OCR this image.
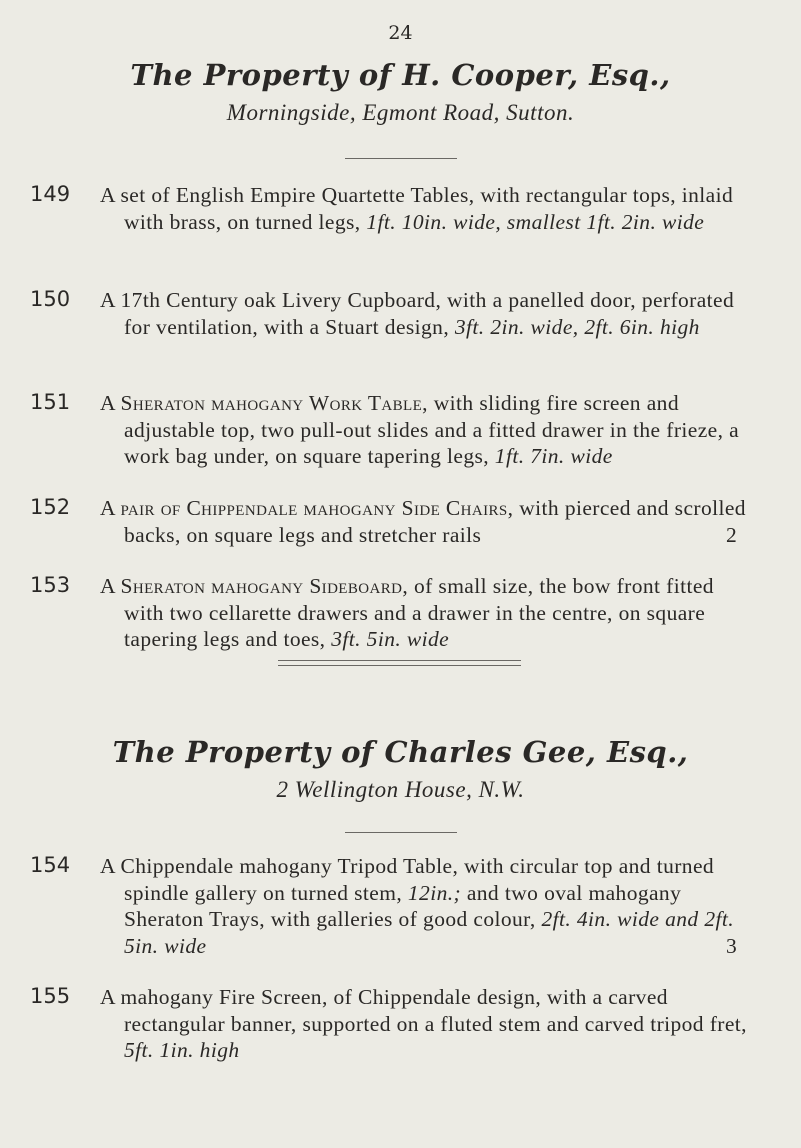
24
The Property of H. Cooper, Esq.,
Morningside, Egmont Road, Sutton.
149 A set of English Empire Quartette Tables, with rectangular tops, inlaid with brass, on turned legs, 1ft. 10in. wide, smallest 1ft. 2in. wide
150 A 17th Century oak Livery Cupboard, with a panelled door, perforated for ventilation, with a Stuart design, 3ft. 2in. wide, 2ft. 6in. high
151 A Sheraton mahogany Work Table, with sliding fire screen and adjustable top, two pull-out slides and a fitted drawer in the frieze, a work bag under, on square tapering legs, 1ft. 7in. wide
152 A pair of Chippendale mahogany Side Chairs, with pierced and scrolled backs, on square legs and stretcher rails	2
153 A Sheraton mahogany Sideboard, of small size, the bow front fitted with two cellarette drawers and a drawer in the centre, on square tapering legs and toes, 3ft. 5in. wide
The Property of Charles Gee, Esq.,
2 Wellington House, N.W.
154 A Chippendale mahogany Tripod Table, with circular top and turned spindle gallery on turned stem, 12in.; and two oval mahogany Sheraton Trays, with galleries of good colour, 2ft. 4in. wide and 2ft. 5in. wide	3
155 A mahogany Fire Screen, of Chippendale design, with a carved rectangular banner, supported on a fluted stem and carved tripod fret, 5ft. 1in. high
